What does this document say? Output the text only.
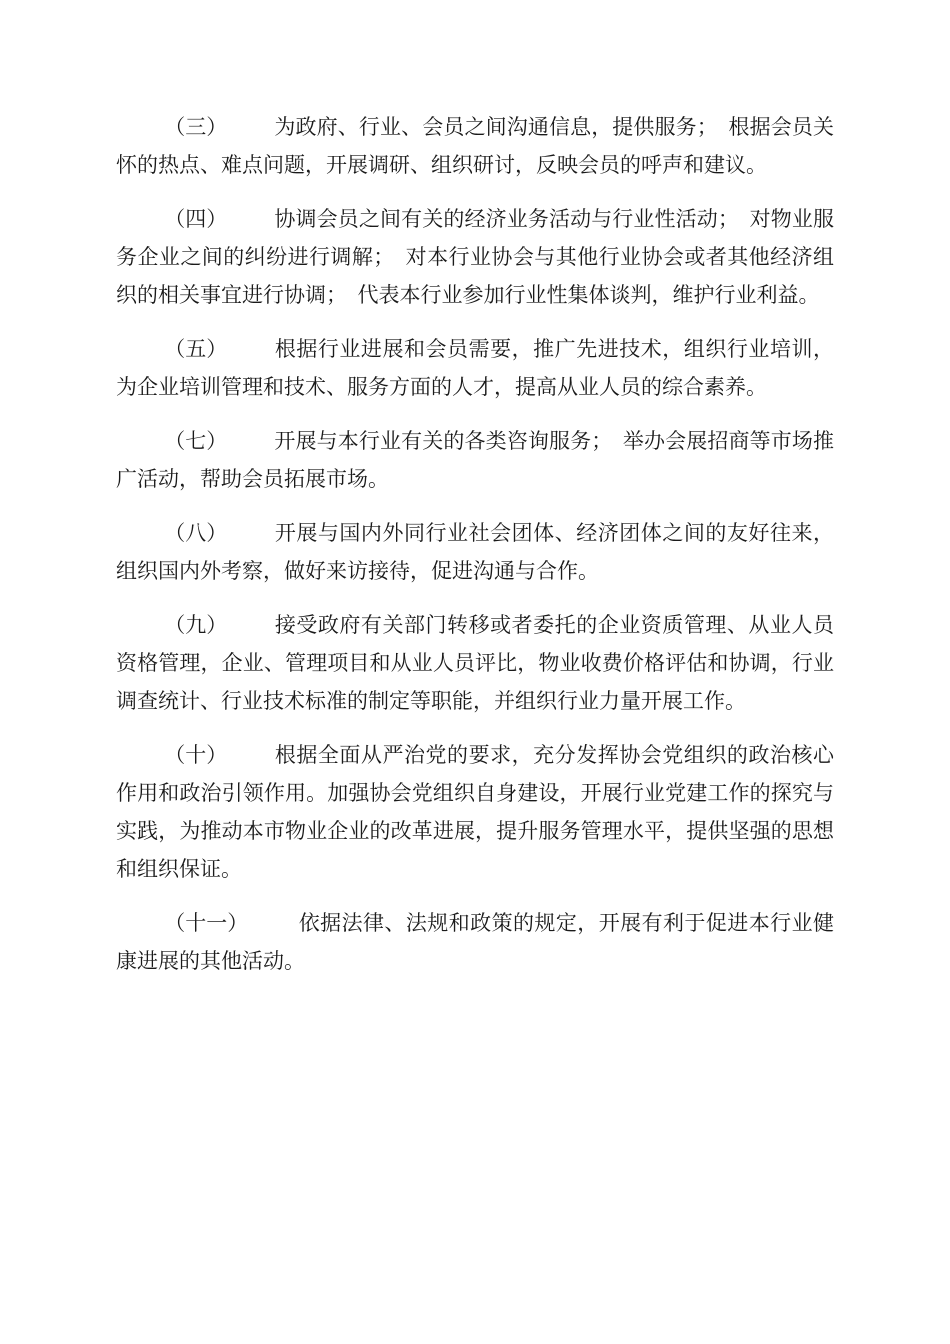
（三） 为政府、行业、会员之间沟通信息，提供服务；　根据会员关怀的热点、难点问题，开展调研、组织研讨，反映会员的呼声和建议。

（四） 协调会员之间有关的经济业务活动与行业性活动；　对物业服务企业之间的纠纷进行调解；　对本行业协会与其他行业协会或者其他经济组织的相关事宜进行协调；　代表本行业参加行业性集体谈判，维护行业利益。

（五） 根据行业进展和会员需要，推广先进技术，组织行业培训，为企业培训管理和技术、服务方面的人才，提高从业人员的综合素养。

（七） 开展与本行业有关的各类咨询服务；　举办会展招商等市场推广活动，帮助会员拓展市场。

（八） 开展与国内外同行业社会团体、经济团体之间的友好往来，组织国内外考察，做好来访接待，促进沟通与合作。

（九） 接受政府有关部门转移或者委托的企业资质管理、从业人员资格管理，企业、管理项目和从业人员评比，物业收费价格评估和协调，行业调查统计、行业技术标准的制定等职能，并组织行业力量开展工作。

（十） 根据全面从严治党的要求，充分发挥协会党组织的政治核心作用和政治引领作用。加强协会党组织自身建设，开展行业党建工作的探究与实践，为推动本市物业企业的改革进展，提升服务管理水平，提供坚强的思想和组织保证。

（十一） 依据法律、法规和政策的规定，开展有利于促进本行业健康进展的其他活动。
